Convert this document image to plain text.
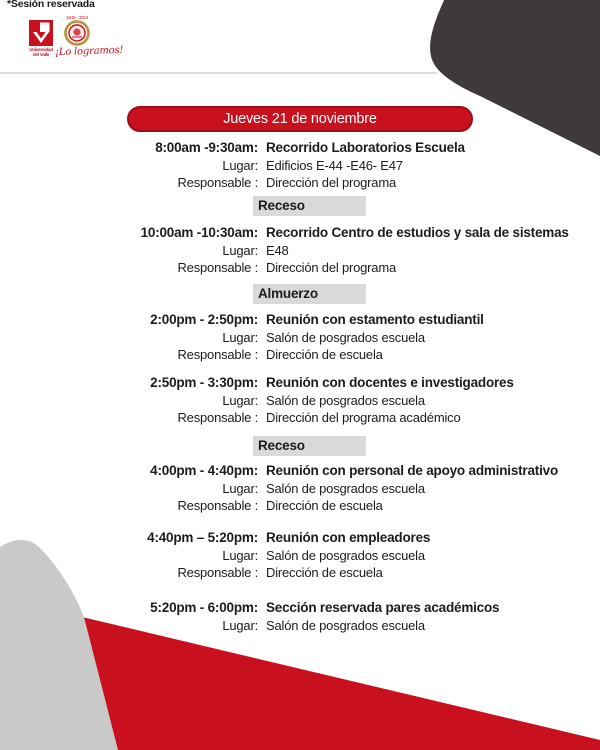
*Sesión reservada
Universidad
del Valle
1945 - 2024
¡Lo logramos!
Jueves 21 de noviembre
8:00am -9:30am: Recorrido Laboratorios Escuela
Lugar: Edificios E-44 -E46- E47
Responsable : Dirección del programa
Receso
10:00am -10:30am: Recorrido Centro de estudios y sala de sistemas
Lugar: E48
Responsable : Dirección del programa
Almuerzo
2:00pm - 2:50pm: Reunión con estamento estudiantil
Lugar: Salón de posgrados escuela
Responsable : Dirección de escuela
2:50pm - 3:30pm: Reunión con docentes e investigadores
Lugar: Salón de posgrados escuela
Responsable : Dirección del programa académico
Receso
4:00pm - 4:40pm: Reunión con personal de apoyo administrativo
Lugar: Salón de posgrados escuela
Responsable : Dirección de escuela
4:40pm – 5:20pm: Reunión con empleadores
Lugar: Salón de posgrados escuela
Responsable : Dirección de escuela
5:20pm - 6:00pm: Sección reservada pares académicos
Lugar: Salón de posgrados escuela
